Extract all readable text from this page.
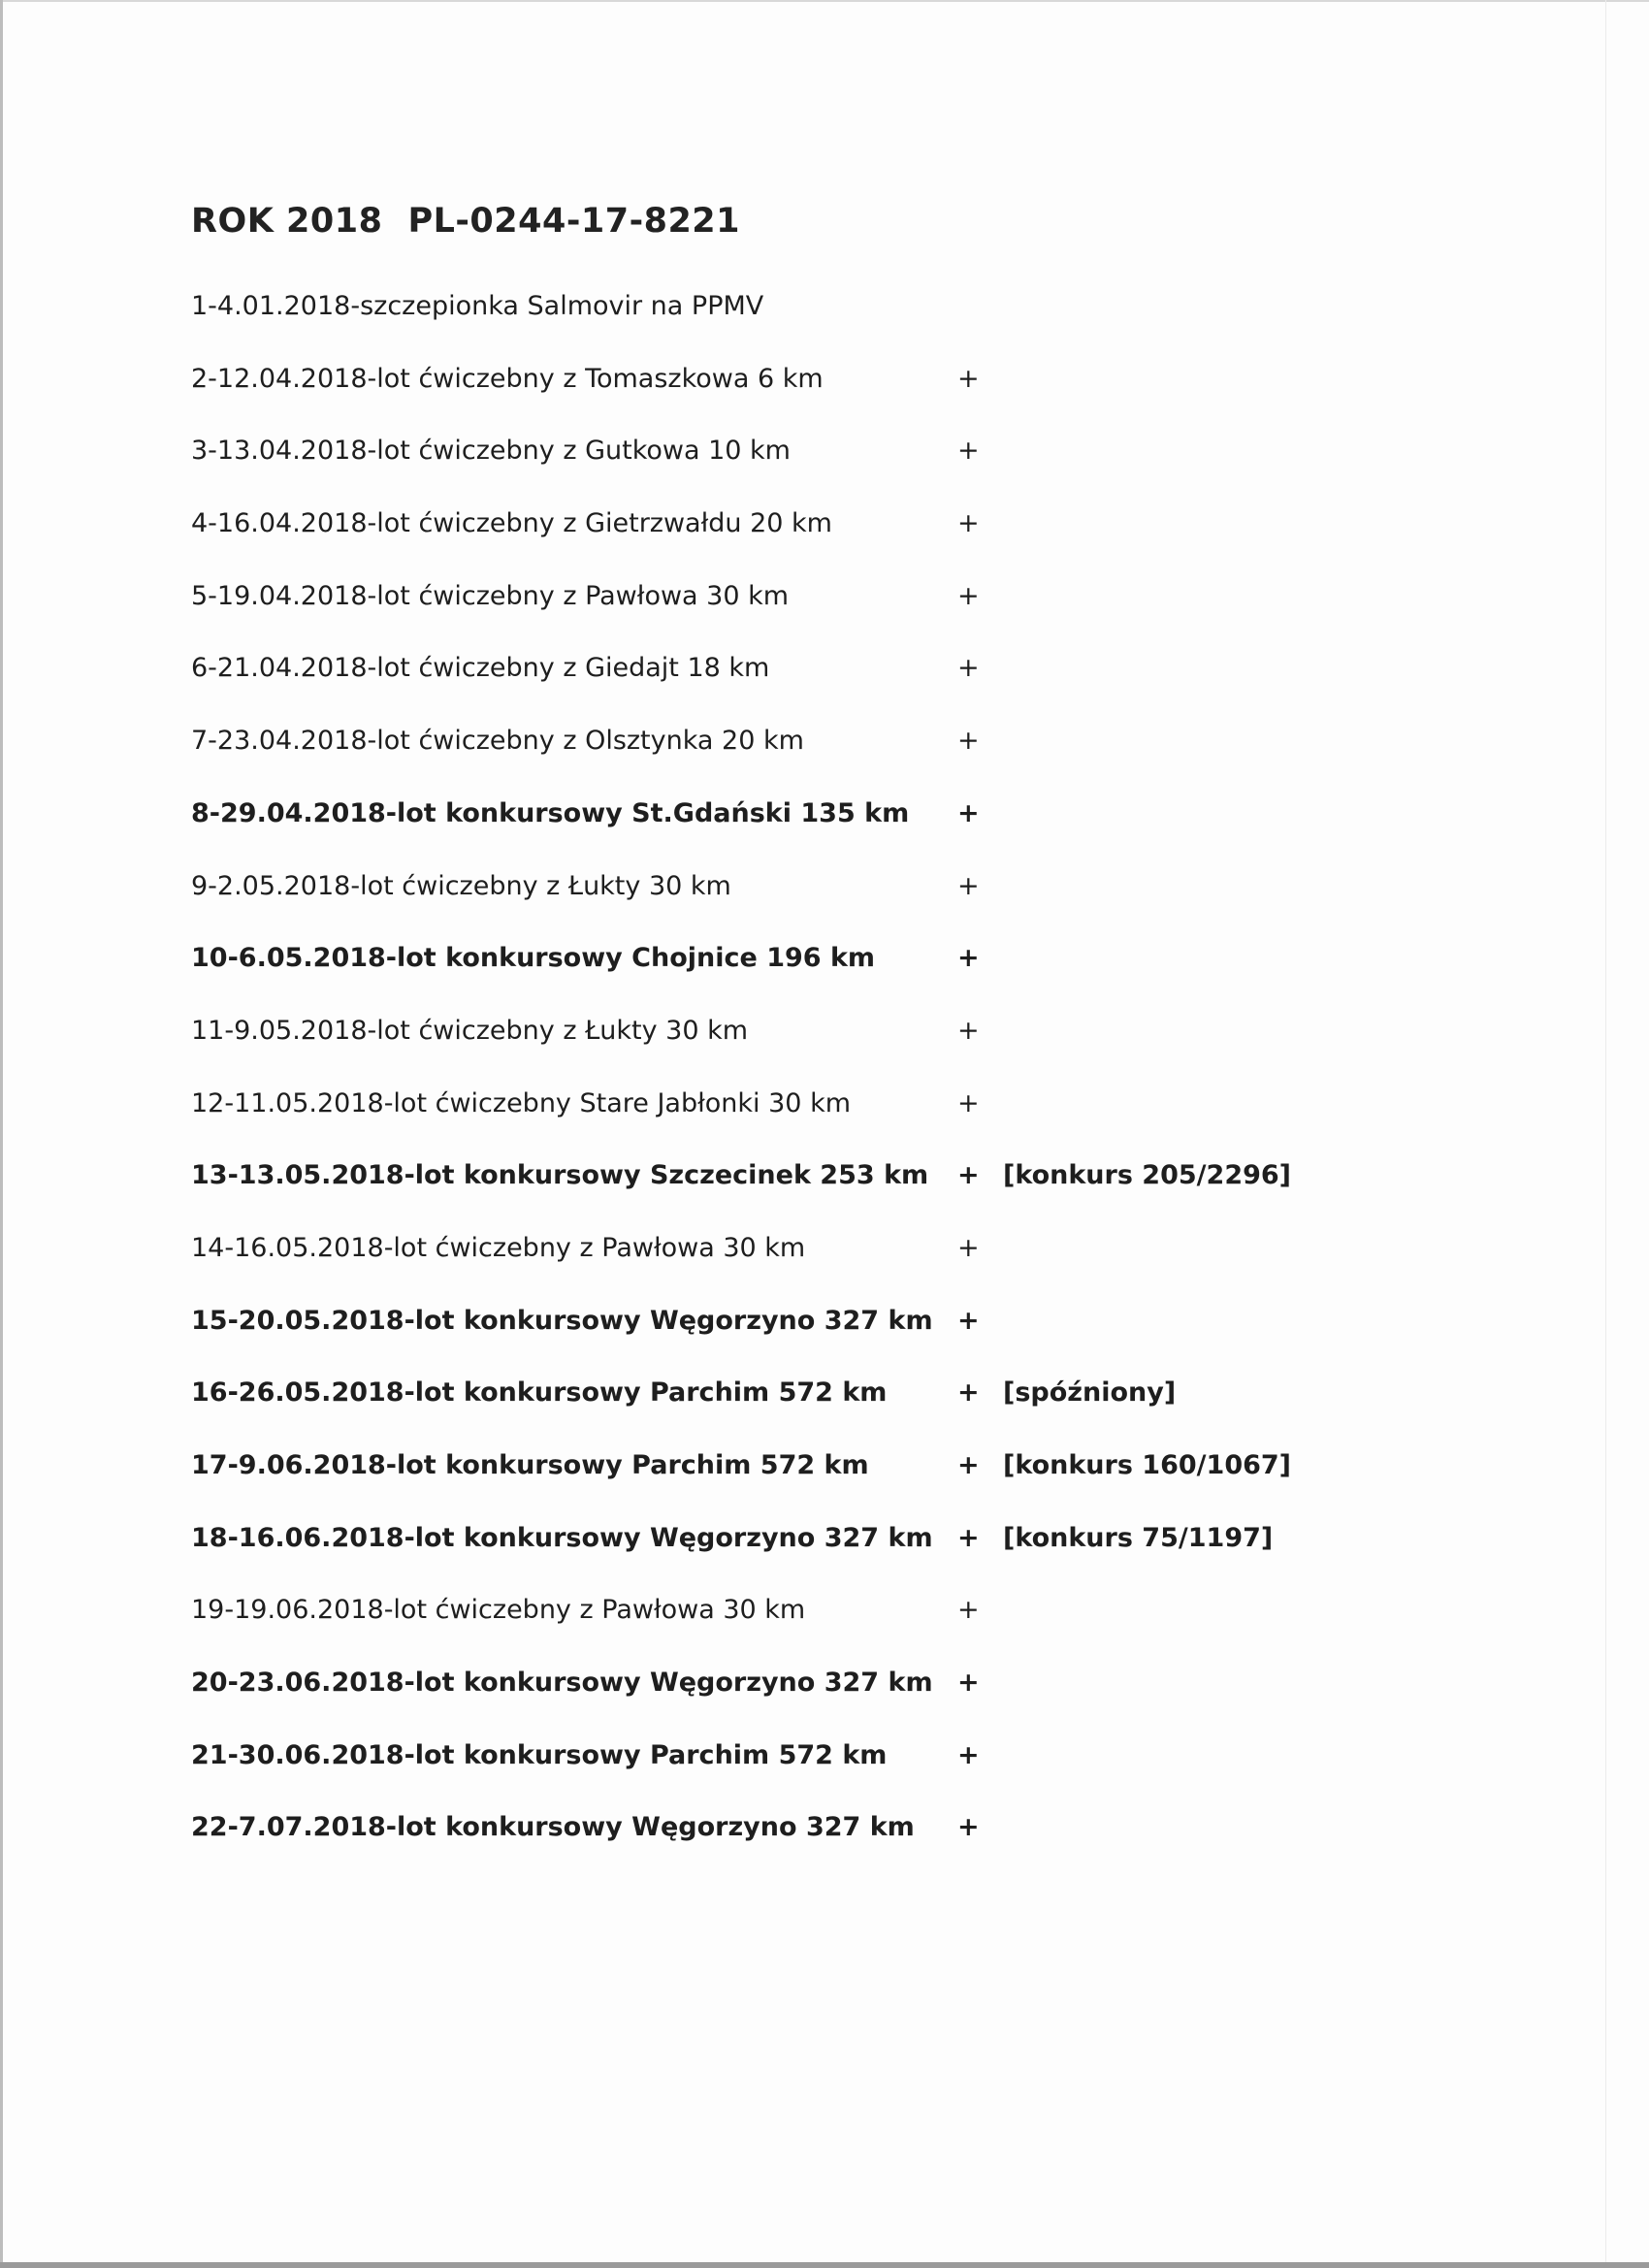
ROK 2018 PL-0244-17-8221
1-4.01.2018-szczepionka Salmovir na PPMV
2-12.04.2018-lot ćwiczebny z Tomaszkowa 6 km	+
3-13.04.2018-lot ćwiczebny z Gutkowa 10 km	+
4-16.04.2018-lot ćwiczebny z Gietrzwałdu 20 km	+
5-19.04.2018-lot ćwiczebny z Pawłowa 30 km	+
6-21.04.2018-lot ćwiczebny z Giedajt 18 km	+
7-23.04.2018-lot ćwiczebny z Olsztynka 20 km	+
8-29.04.2018-lot konkursowy St.Gdański 135 km +
9-2.05.2018-lot ćwiczebny z Łukty 30 km	+
10-6.05.2018-lot konkursowy Chojnice 196 km	+
11-9.05.2018-lot ćwiczebny z Łukty 30 km	+
12-11.05.2018-lot ćwiczebny Stare Jabłonki 30 km	+
13-13.05.2018-lot konkursowy Szczecinek 253 km + [konkurs 205/2296]
14-16.05.2018-lot ćwiczebny z Pawłowa 30 km	+
15-20.05.2018-lot konkursowy Węgorzyno 327 km +
16-26.05.2018-lot konkursowy Parchim 572 km	+ [spóźniony]
17-9.06.2018-lot konkursowy Parchim 572 km	+ [konkurs 160/1067]
18-16.06.2018-lot konkursowy Węgorzyno 327 km + [konkurs 75/1197]
19-19.06.2018-lot ćwiczebny z Pawłowa 30 km	+
20-23.06.2018-lot konkursowy Węgorzyno 327 km +
21-30.06.2018-lot konkursowy Parchim 572 km	+
22-7.07.2018-lot konkursowy Węgorzyno 327 km +
